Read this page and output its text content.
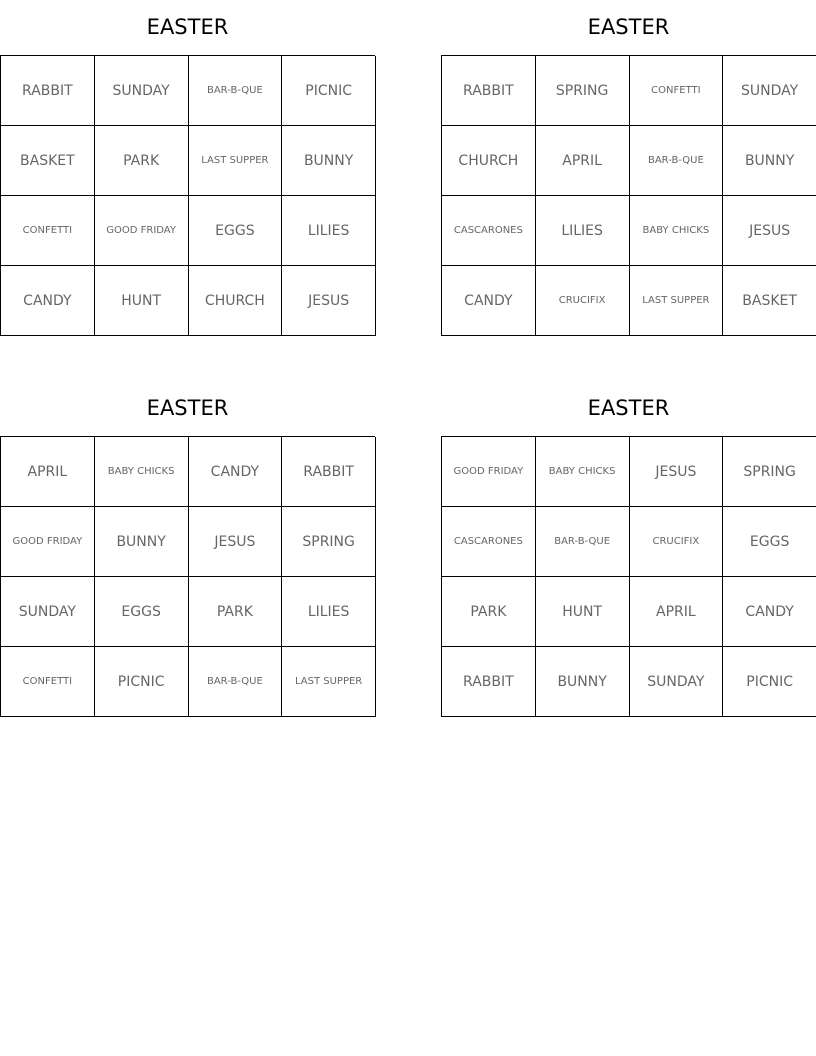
EASTER
RABBIT	SUNDAY	BAR-B-QUE	PICNIC
BASKET	PARK	LAST SUPPER	BUNNY
CONFETTI	GOOD FRIDAY	EGGS	LILIES
CANDY	HUNT	CHURCH	JESUS
EASTER
RABBIT	SPRING	CONFETTI	SUNDAY
CHURCH	APRIL	BAR-B-QUE	BUNNY
CASCARONES	LILIES	BABY CHICKS	JESUS
CANDY	CRUCIFIX	LAST SUPPER	BASKET
EASTER
APRIL	BABY CHICKS	CANDY	RABBIT
GOOD FRIDAY	BUNNY	JESUS	SPRING
SUNDAY	EGGS	PARK	LILIES
CONFETTI	PICNIC	BAR-B-QUE	LAST SUPPER
EASTER
GOOD FRIDAY	BABY CHICKS	JESUS	SPRING
CASCARONES	BAR-B-QUE	CRUCIFIX	EGGS
PARK	HUNT	APRIL	CANDY
RABBIT	BUNNY	SUNDAY	PICNIC
